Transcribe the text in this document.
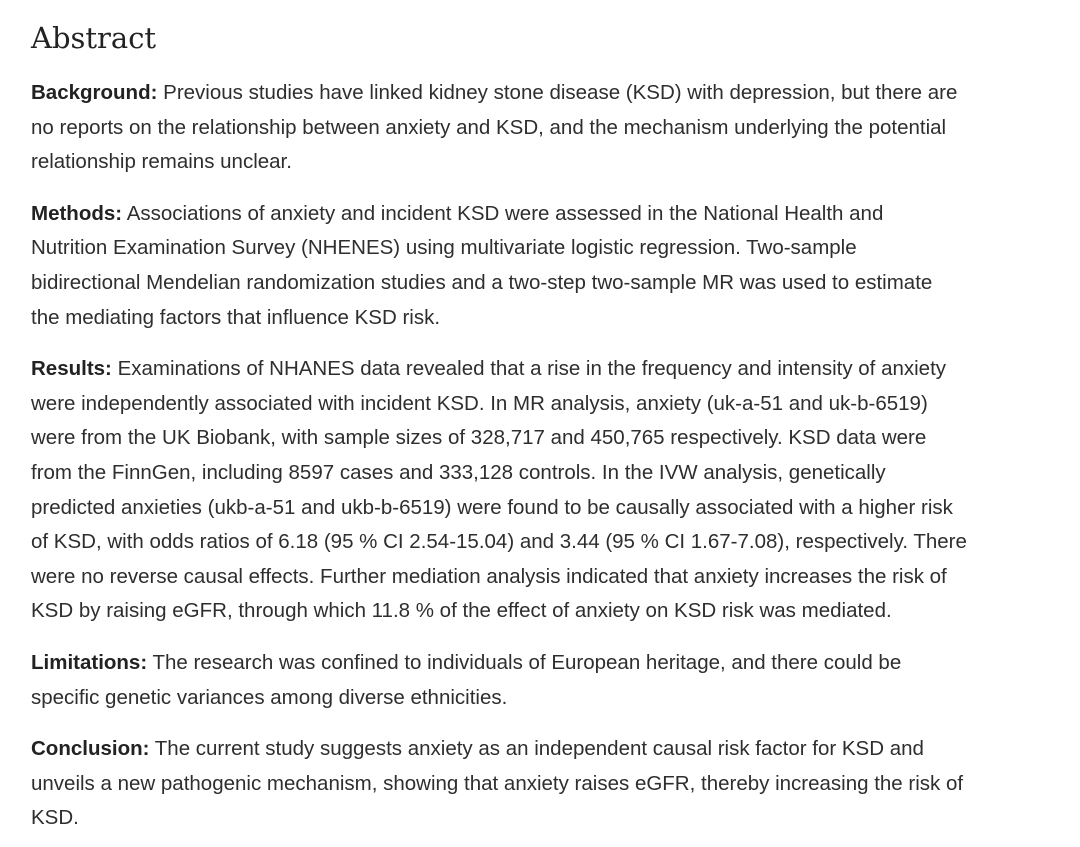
Abstract

Background: Previous studies have linked kidney stone disease (KSD) with depression, but there are
no reports on the relationship between anxiety and KSD, and the mechanism underlying the potential
relationship remains unclear.

Methods: Associations of anxiety and incident KSD were assessed in the National Health and
Nutrition Examination Survey (NHENES) using multivariate logistic regression. Two-sample
bidirectional Mendelian randomization studies and a two-step two-sample MR was used to estimate
the mediating factors that influence KSD risk.

Results: Examinations of NHANES data revealed that a rise in the frequency and intensity of anxiety
were independently associated with incident KSD. In MR analysis, anxiety (uk-a-51 and uk-b-6519)
were from the UK Biobank, with sample sizes of 328,717 and 450,765 respectively. KSD data were
from the FinnGen, including 8597 cases and 333,128 controls. In the IVW analysis, genetically
predicted anxieties (ukb-a-51 and ukb-b-6519) were found to be causally associated with a higher risk
of KSD, with odds ratios of 6.18 (95 % CI 2.54-15.04) and 3.44 (95 % CI 1.67-7.08), respectively. There
were no reverse causal effects. Further mediation analysis indicated that anxiety increases the risk of
KSD by raising eGFR, through which 11.8 % of the effect of anxiety on KSD risk was mediated.

Limitations: The research was confined to individuals of European heritage, and there could be
specific genetic variances among diverse ethnicities.

Conclusion: The current study suggests anxiety as an independent causal risk factor for KSD and
unveils a new pathogenic mechanism, showing that anxiety raises eGFR, thereby increasing the risk of
KSD.
